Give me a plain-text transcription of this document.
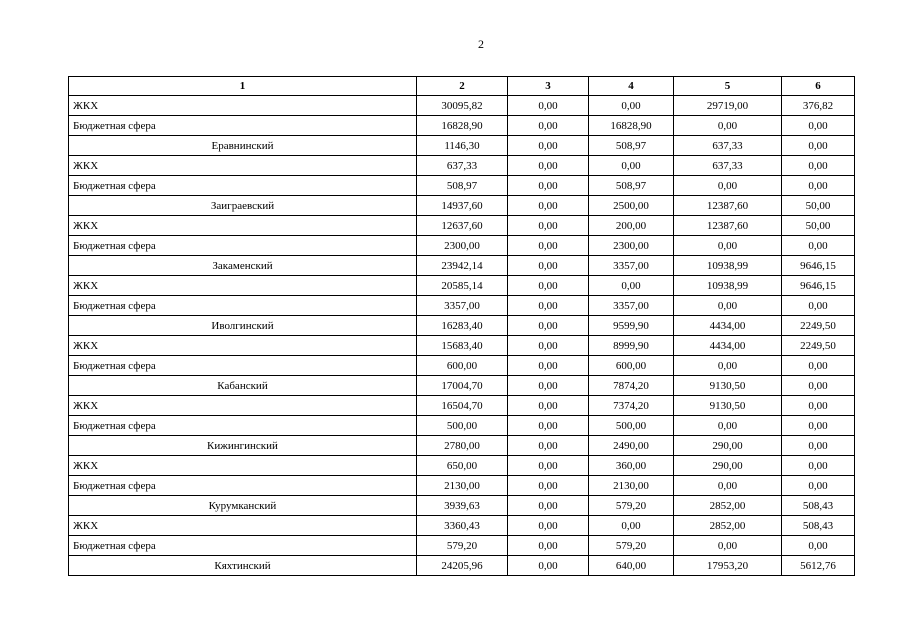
2
1	2	3	4	5	6
ЖКХ	30095,82	0,00	0,00	29719,00	376,82
Бюджетная сфера	16828,90	0,00	16828,90	0,00	0,00
Еравнинский	1146,30	0,00	508,97	637,33	0,00
ЖКХ	637,33	0,00	0,00	637,33	0,00
Бюджетная сфера	508,97	0,00	508,97	0,00	0,00
Заиграевский	14937,60	0,00	2500,00	12387,60	50,00
ЖКХ	12637,60	0,00	200,00	12387,60	50,00
Бюджетная сфера	2300,00	0,00	2300,00	0,00	0,00
Закаменский	23942,14	0,00	3357,00	10938,99	9646,15
ЖКХ	20585,14	0,00	0,00	10938,99	9646,15
Бюджетная сфера	3357,00	0,00	3357,00	0,00	0,00
Иволгинский	16283,40	0,00	9599,90	4434,00	2249,50
ЖКХ	15683,40	0,00	8999,90	4434,00	2249,50
Бюджетная сфера	600,00	0,00	600,00	0,00	0,00
Кабанский	17004,70	0,00	7874,20	9130,50	0,00
ЖКХ	16504,70	0,00	7374,20	9130,50	0,00
Бюджетная сфера	500,00	0,00	500,00	0,00	0,00
Кижингинский	2780,00	0,00	2490,00	290,00	0,00
ЖКХ	650,00	0,00	360,00	290,00	0,00
Бюджетная сфера	2130,00	0,00	2130,00	0,00	0,00
Курумканский	3939,63	0,00	579,20	2852,00	508,43
ЖКХ	3360,43	0,00	0,00	2852,00	508,43
Бюджетная сфера	579,20	0,00	579,20	0,00	0,00
Кяхтинский	24205,96	0,00	640,00	17953,20	5612,76
